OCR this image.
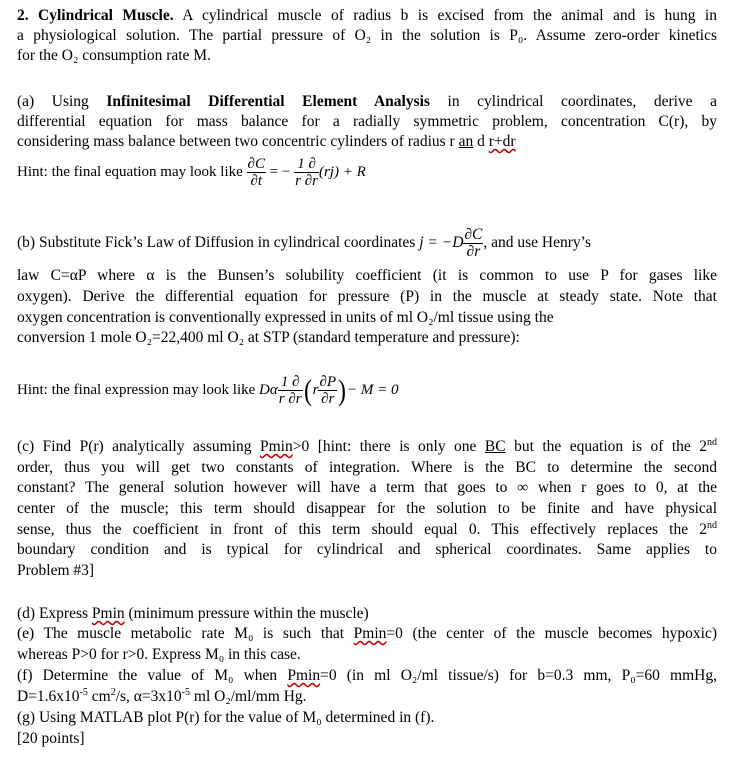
2. Cylindrical Muscle. A cylindrical muscle of radius b is excised from the animal and is hung in
a physiological solution. The partial pressure of O₂ in the solution is P₀. Assume zero-order kinetics
for the O₂ consumption rate M.
(a) Using Infinitesimal Differential Element Analysis in cylindrical coordinates, derive a
differential equation for mass balance for a radially symmetric problem, concentration C(r), by
considering mass balance between two concentric cylinders of radius r an d r+dr
Hint: the final equation may look like $\frac{\partial C}{\partial t}$ = − $\frac{1 \partial}{r \partial r} (rj) + R$
(b) Substitute Fick’s Law of Diffusion in cylindrical coordinates $j = -D \frac{\partial C}{\partial r}$ , and use Henry’s
law C=αP where α is the Bunsen’s solubility coefficient (it is common to use P for gases like
oxygen). Derive the differential equation for pressure (P) in the muscle at steady state. Note that
oxygen concentration is conventionally expressed in units of ml O₂/ml tissue using the
conversion 1 mole O₂=22,400 ml O₂ at STP (standard temperature and pressure):
Hint: the final expression may look like Dα $\frac{1 \partial}{r \partial r} (r \frac{\partial P}{\partial r}$ )− M = 0
(c) Find P(r) analytically assuming Pmin>0 [hint: there is only one BC but the equation is of the 2nd
order, thus you will get two constants of integration. Where is the BC to determine the second
constant? The general solution however will have a term that goes to ∞ when r goes to 0, at the
center of the muscle; this term should disappear for the solution to be finite and have physical
sense, thus the coefficient in front of this term should equal 0. This effectively replaces the 2nd
boundary condition and is typical for cylindrical and spherical coordinates. Same applies to
Problem #3]
(d) Express Pmin (minimum pressure within the muscle)
(e) The muscle metabolic rate M₀ is such that Pmin=0 (the center of the muscle becomes hypoxic)
whereas P>0 for r>0. Express M₀ in this case.
(f) Determine the value of M₀ when Pmin=0 (in ml O₂/ml tissue/s) for b=0.3 mm, P₀=60 mmHg,
$D=1.6x10^{-5}$ $cm^2/s$, $\alpha=3x10^{-5}$ ml O₂/ml/mm Hg.
(g) Using MATLAB plot P(r) for the value of M₀ determined in (f).
[20 points]
